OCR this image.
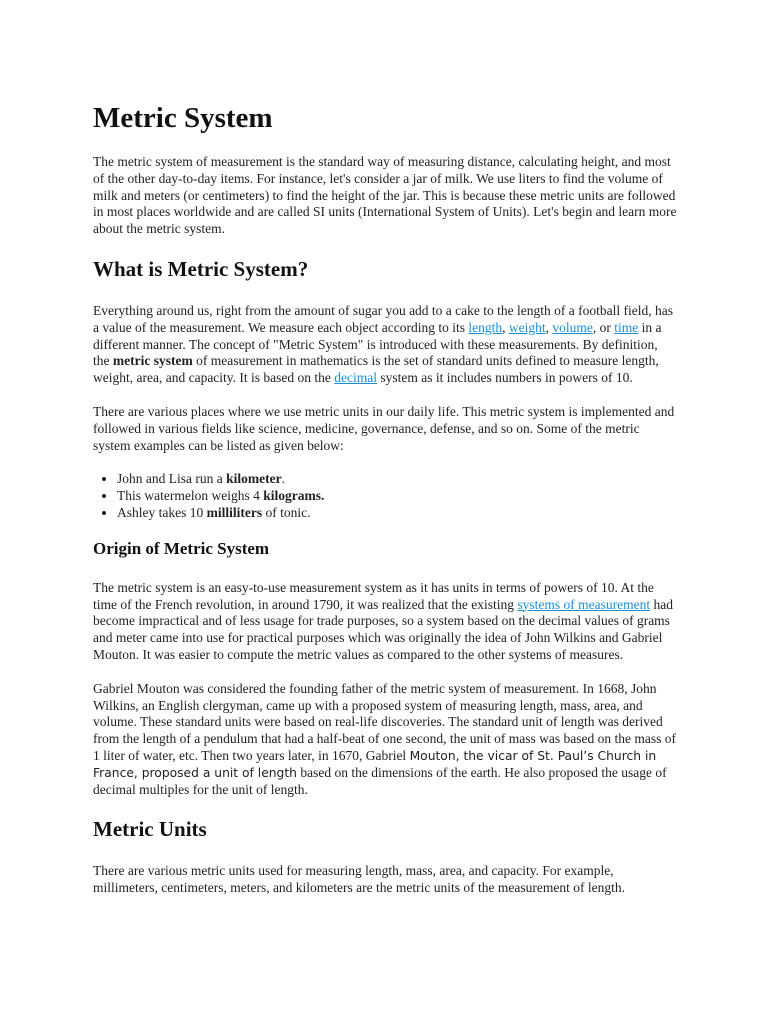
Metric System

The metric system of measurement is the standard way of measuring distance, calculating height, and most of the other day-to-day items. For instance, let's consider a jar of milk. We use liters to find the volume of milk and meters (or centimeters) to find the height of the jar. This is because these metric units are followed in most places worldwide and are called SI units (International System of Units). Let's begin and learn more about the metric system.

What is Metric System?

Everything around us, right from the amount of sugar you add to a cake to the length of a football field, has a value of the measurement. We measure each object according to its length, weight, volume, or time in a different manner. The concept of "Metric System" is introduced with these measurements. By definition, the metric system of measurement in mathematics is the set of standard units defined to measure length, weight, area, and capacity. It is based on the decimal system as it includes numbers in powers of 10.

There are various places where we use metric units in our daily life. This metric system is implemented and followed in various fields like science, medicine, governance, defense, and so on. Some of the metric system examples can be listed as given below:

• John and Lisa run a kilometer.
• This watermelon weighs 4 kilograms.
• Ashley takes 10 milliliters of tonic.
Origin of Metric System

The metric system is an easy-to-use measurement system as it has units in terms of powers of 10. At the time of the French revolution, in around 1790, it was realized that the existing systems of measurement had become impractical and of less usage for trade purposes, so a system based on the decimal values of grams and meter came into use for practical purposes which was originally the idea of John Wilkins and Gabriel Mouton. It was easier to compute the metric values as compared to the other systems of measures.

Gabriel Mouton was considered the founding father of the metric system of measurement. In 1668, John Wilkins, an English clergyman, came up with a proposed system of measuring length, mass, area, and volume. These standard units were based on real-life discoveries. The standard unit of length was derived from the length of a pendulum that had a half-beat of one second, the unit of mass was based on the mass of 1 liter of water, etc. Then two years later, in 1670, Gabriel Mouton, the vicar of St. Paul’s Church in France, proposed a unit of length based on the dimensions of the earth. He also proposed the usage of decimal multiples for the unit of length.

Metric Units

There are various metric units used for measuring length, mass, area, and capacity. For example, millimeters, centimeters, meters, and kilometers are the metric units of the measurement of length.
